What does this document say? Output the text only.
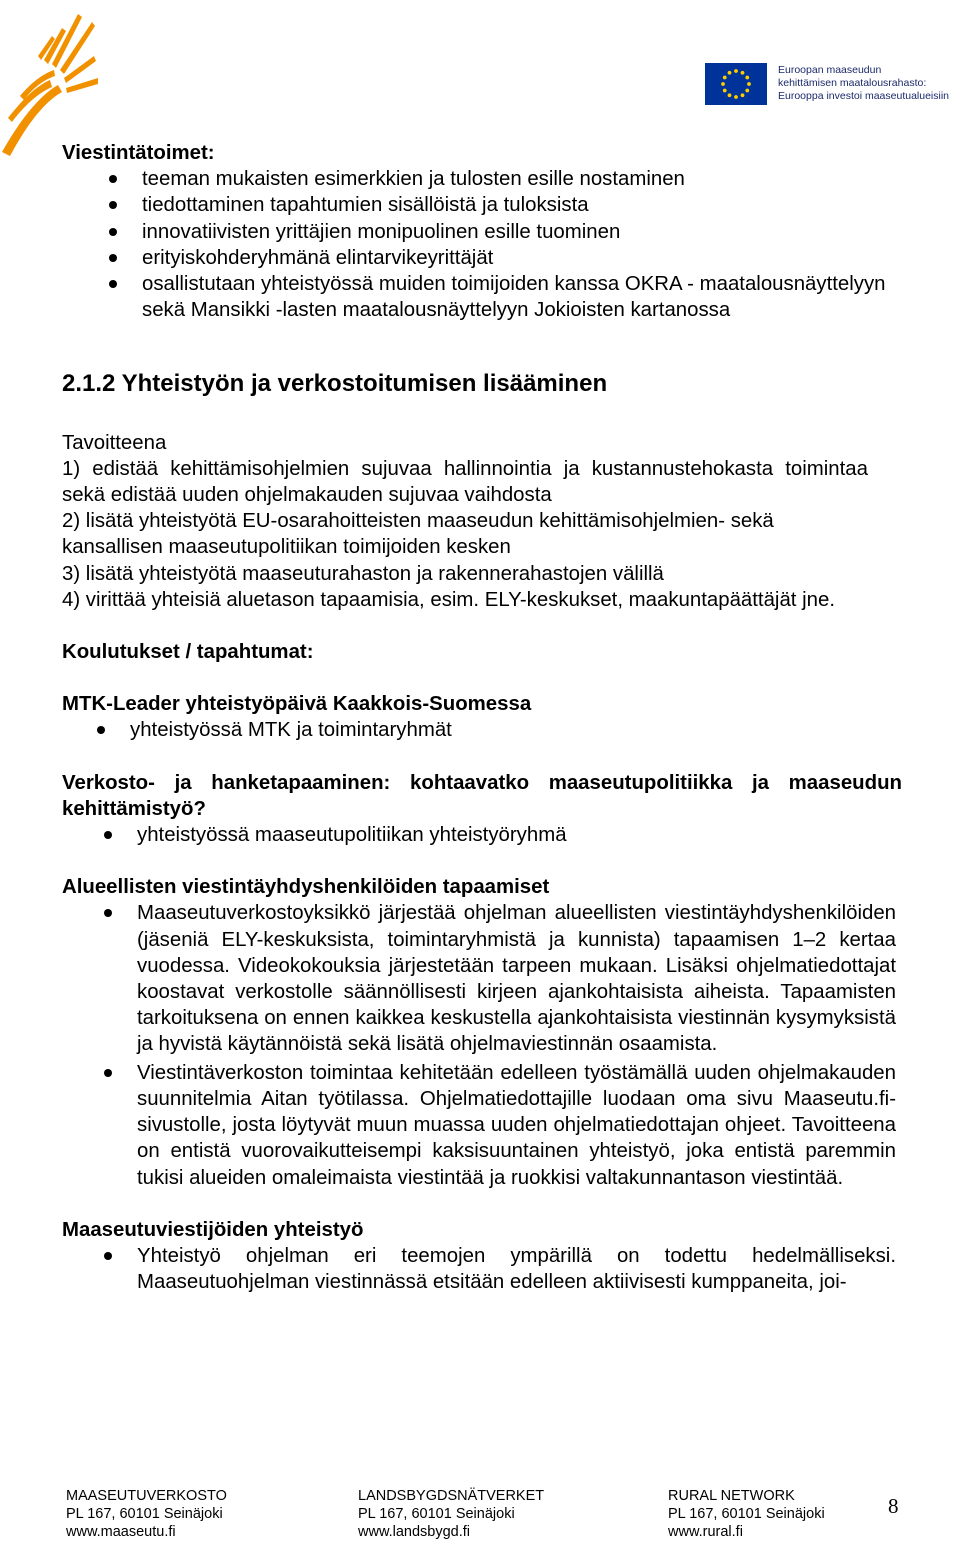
Euroopan maaseudun
kehittämisen maatalousrahasto:
Eurooppa investoi maaseutualueisiin

Viestintätoimet:

teeman mukaisten esimerkkien ja tulosten esille nostaminen
tiedottaminen tapahtumien sisällöistä ja tuloksista
innovatiivisten yrittäjien monipuolinen esille tuominen
erityiskohderyhmänä elintarvikeyrittäjät
osallistutaan yhteistyössä muiden toimijoiden kanssa OKRA - maatalousnäyttelyyn sekä Mansikki -lasten maatalousnäyttelyyn Jokioisten kartanossa

2.1.2 Yhteistyön ja verkostoitumisen lisääminen

Tavoitteena

1) edistää kehittämisohjelmien sujuvaa hallinnointia ja kustannustehokasta toimintaa sekä edistää uuden ohjelmakauden sujuvaa vaihdosta

2) lisätä yhteistyötä EU-osarahoitteisten maaseudun kehittämisohjelmien- sekä kansallisen maaseutupolitiikan toimijoiden kesken

3) lisätä yhteistyötä maaseuturahaston ja rakennerahastojen välillä

4) virittää yhteisiä aluetason tapaamisia, esim. ELY-keskukset, maakuntapäättäjät jne.

Koulutukset / tapahtumat:

MTK-Leader yhteistyöpäivä Kaakkois-Suomessa

yhteistyössä MTK ja toimintaryhmät

Verkosto- ja hanketapaaminen: kohtaavatko maaseutupolitiikka ja maaseudun kehittämistyö?

yhteistyössä maaseutupolitiikan yhteistyöryhmä

Alueellisten viestintäyhdyshenkilöiden tapaamiset

Maaseutuverkostoyksikkö järjestää ohjelman alueellisten viestintäyhdyshenkilöiden (jäseniä ELY-keskuksista, toimintaryhmistä ja kunnista) tapaamisen 1–2 kertaa vuodessa. Videokokouksia järjestetään tarpeen mukaan. Lisäksi ohjelmatiedottajat koostavat verkostolle säännöllisesti kirjeen ajankohtaisista aiheista. Tapaamisten tarkoituksena on ennen kaikkea keskustella ajankohtaisista viestinnän kysymyksistä ja hyvistä käytännöistä sekä lisätä ohjelmaviestinnän osaamista.
Viestintäverkoston toimintaa kehitetään edelleen työstämällä uuden ohjelmakauden suunnitelmia Aitan työtilassa. Ohjelmatiedottajille luodaan oma sivu Maaseutu.fi-sivustolle, josta löytyvät muun muassa uuden ohjelmatiedottajan ohjeet. Tavoitteena on entistä vuorovaikutteisempi kaksisuuntainen yhteistyö, joka entistä paremmin tukisi alueiden omaleimaista viestintää ja ruokkisi valtakunnantason viestintää.

Maaseutuviestijöiden yhteistyö

Yhteistyö ohjelman eri teemojen ympärillä on todettu hedelmälliseksi. Maaseutuohjelman viestinnässä etsitään edelleen aktiivisesti kumppaneita, joi-
MAASEUTUVERKOSTO
PL 167, 60101 Seinäjoki
www.maaseutu.fi
LANDSBYGDSNÄTVERKET
PL 167, 60101 Seinäjoki
www.landsbygd.fi
RURAL NETWORK
PL 167, 60101 Seinäjoki
www.rural.fi
8
